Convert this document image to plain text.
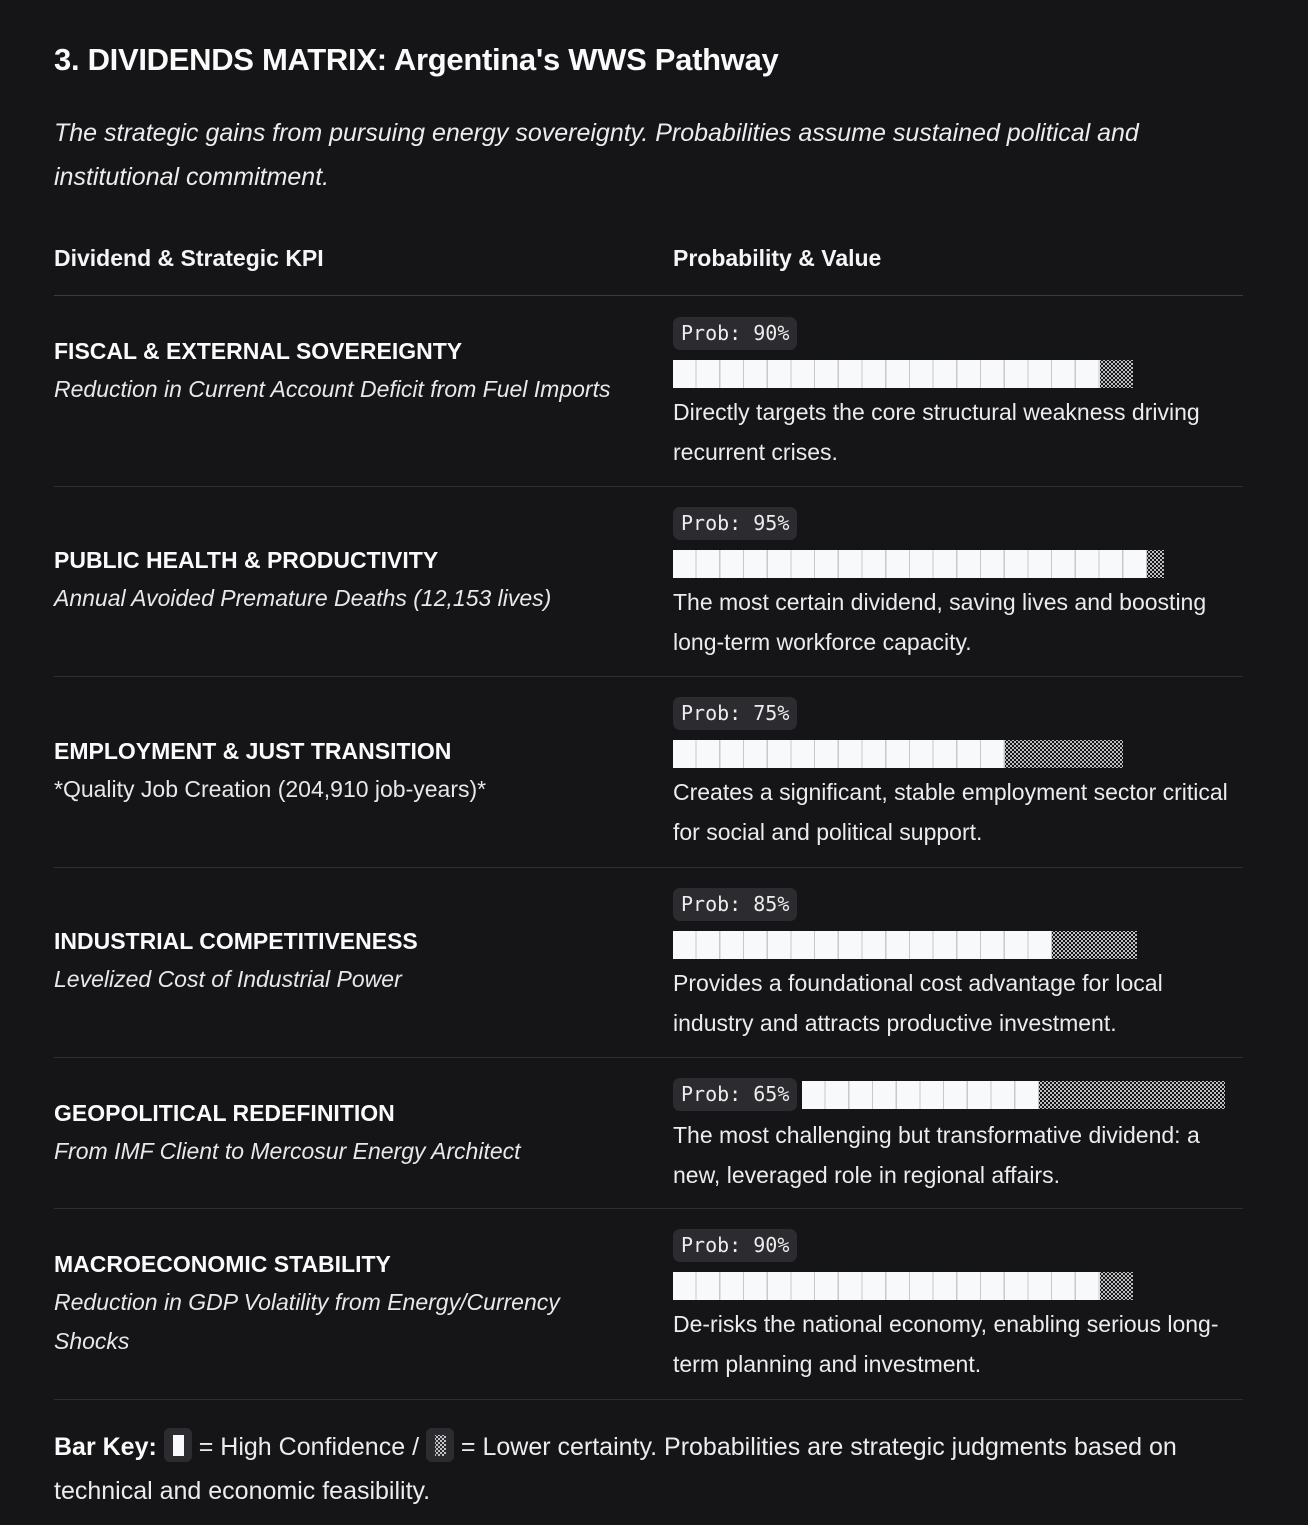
3. DIVIDENDS MATRIX: Argentina's WWS Pathway
The strategic gains from pursuing energy sovereignty. Probabilities assume sustained political and institutional commitment.
Dividend & Strategic KPI	Probability & Value
FISCAL & EXTERNAL SOVEREIGNTY
Reduction in Current Account Deficit from Fuel Imports
Prob: 90%
Directly targets the core structural weakness driving recurrent crises.
PUBLIC HEALTH & PRODUCTIVITY
Annual Avoided Premature Deaths (12,153 lives)
Prob: 95%
The most certain dividend, saving lives and boosting long-term workforce capacity.
EMPLOYMENT & JUST TRANSITION
*Quality Job Creation (204,910 job-years)*
Prob: 75%
Creates a significant, stable employment sector critical for social and political support.
INDUSTRIAL COMPETITIVENESS
Levelized Cost of Industrial Power
Prob: 85%
Provides a foundational cost advantage for local industry and attracts productive investment.
GEOPOLITICAL REDEFINITION
From IMF Client to Mercosur Energy Architect
Prob: 65%
The most challenging but transformative dividend: a new, leveraged role in regional affairs.
MACROECONOMIC STABILITY
Reduction in GDP Volatility from Energy/Currency Shocks
Prob: 90%
De-risks the national economy, enabling serious long-term planning and investment.
Bar Key: = High Confidence / = Lower certainty. Probabilities are strategic judgments based on technical and economic feasibility.
